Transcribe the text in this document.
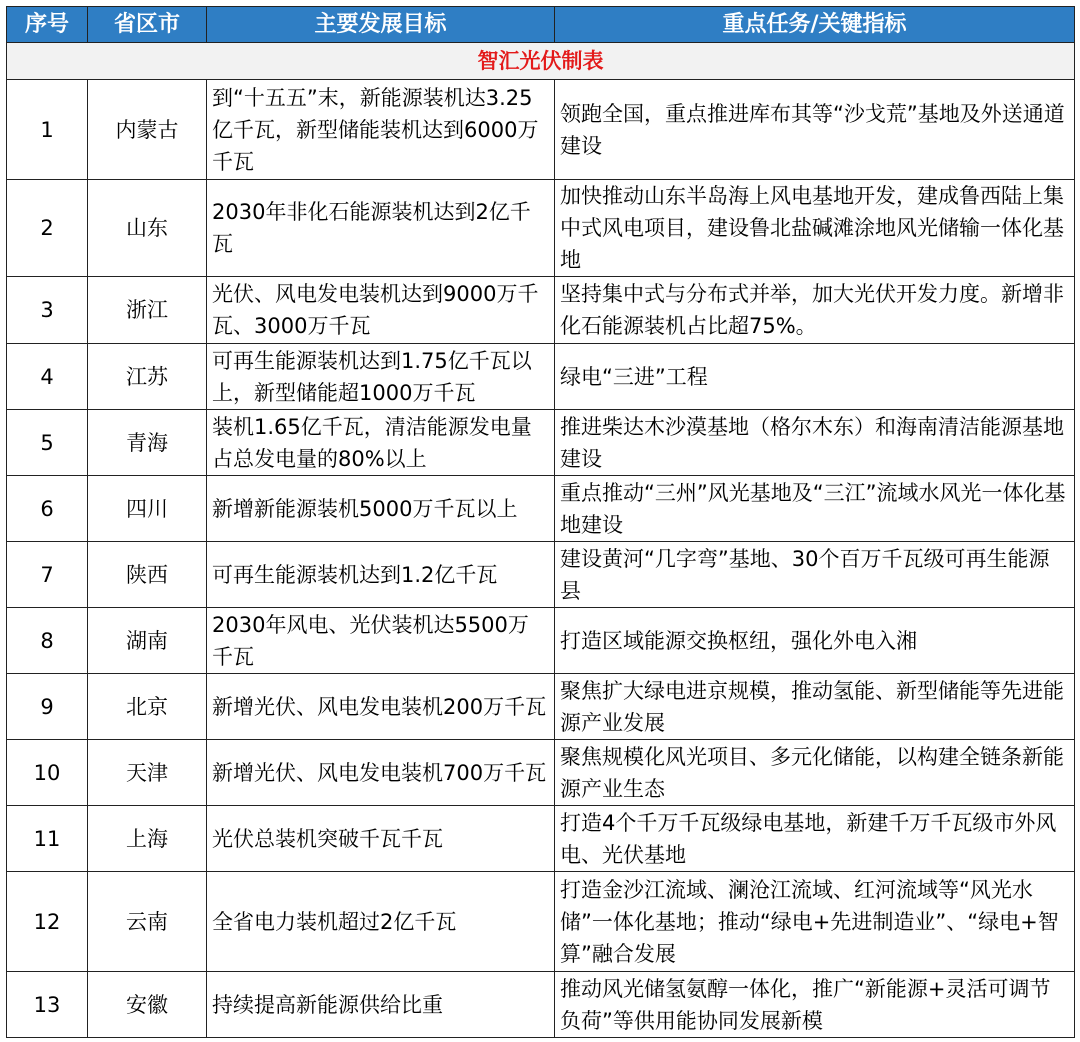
序号	省区市	主要发展目标	重点任务/关键指标
智汇光伏制表			
1	内蒙古	到“十五五”末，新能源装机达3.25亿千瓦，新型储能装机达到6000万千瓦	领跑全国，重点推进库布其等“沙戈荒”基地及外送通道建设
2	山东	2030年非化石能源装机达到2亿千瓦	加快推动山东半岛海上风电基地开发，建成鲁西陆上集中式风电项目，建设鲁北盐碱滩涂地风光储输一体化基地
3	浙江	光伏、风电发电装机达到9000万千瓦、3000万千瓦	坚持集中式与分布式并举，加大光伏开发力度。新增非化石能源装机占比超75%。
4	江苏	可再生能源装机达到1.75亿千瓦以上，新型储能超1000万千瓦	绿电“三进”工程
5	青海	装机1.65亿千瓦，清洁能源发电量占总发电量的80%以上	推进柴达木沙漠基地（格尔木东）和海南清洁能源基地建设
6	四川	新增新能源装机5000万千瓦以上	重点推动“三州”风光基地及“三江”流域水风光一体化基地建设
7	陕西	可再生能源装机达到1.2亿千瓦	建设黄河“几字弯”基地、30个百万千瓦级可再生能源县
8	湖南	2030年风电、光伏装机达5500万千瓦	打造区域能源交换枢纽，强化外电入湘
9	北京	新增光伏、风电发电装机200万千瓦	聚焦扩大绿电进京规模，推动氢能、新型储能等先进能源产业发展
10	天津	新增光伏、风电发电装机700万千瓦	聚焦规模化风光项目、多元化储能，以构建全链条新能源产业生态
11	上海	光伏总装机突破千瓦千瓦	打造4个千万千瓦级绿电基地，新建千万千瓦级市外风电、光伏基地
12	云南	全省电力装机超过2亿千瓦	打造金沙江流域、澜沧江流域、红河流域等“风光水储”一体化基地；推动“绿电+先进制造业”、“绿电+智算”融合发展
13	安徽	持续提高新能源供给比重	推动风光储氢氨醇一体化，推广“新能源+灵活可调节负荷”等供用能协同发展新模
